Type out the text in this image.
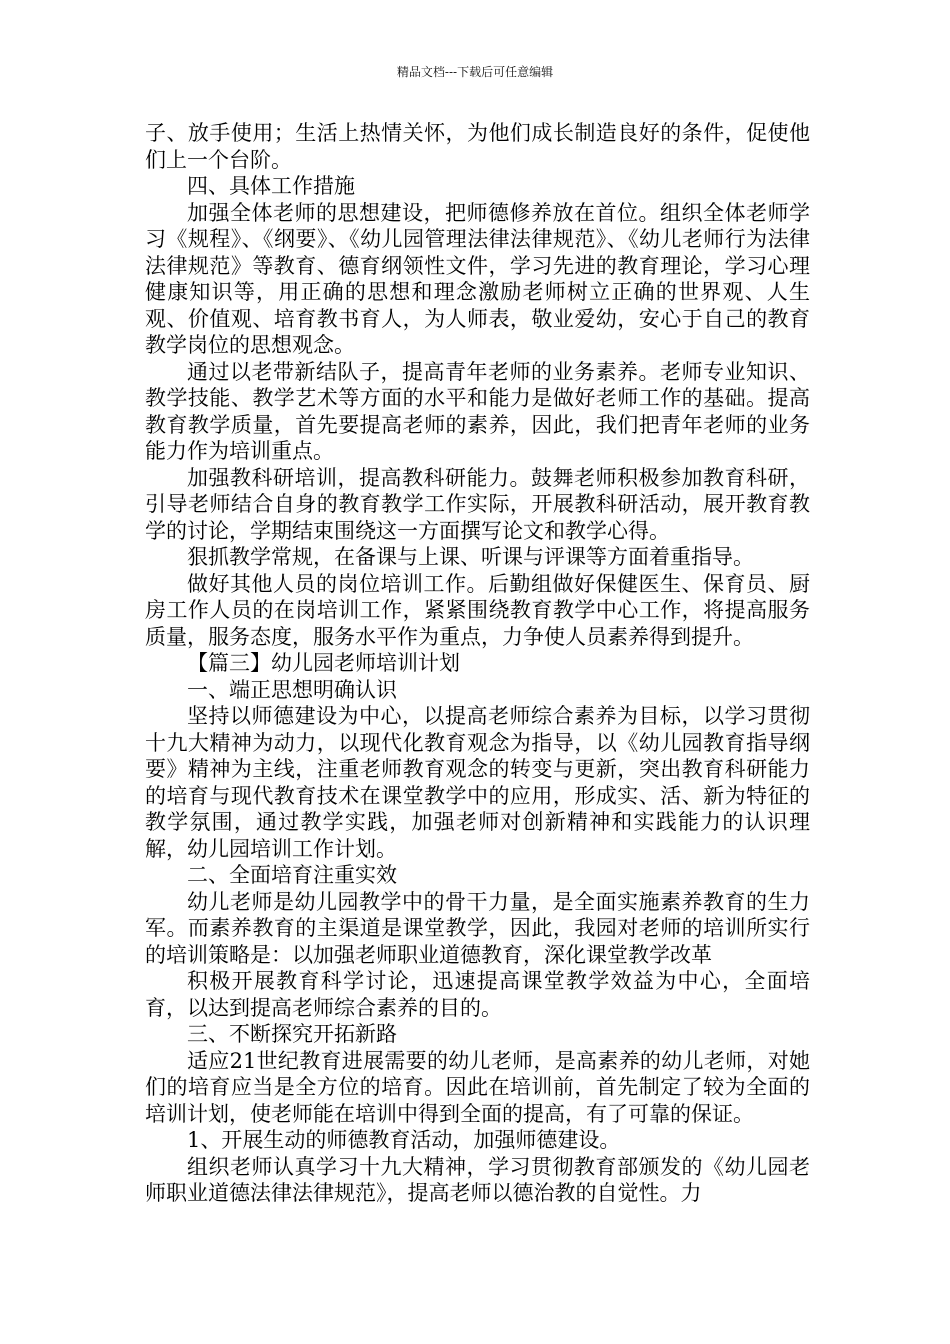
精品文档---下载后可任意编辑

子、放手使用；生活上热情关怀，为他们成长制造良好的条件，促使他们上一个台阶。

四、具体工作措施

加强全体老师的思想建设，把师德修养放在首位。组织全体老师学习《规程》、《纲要》、《幼儿园管理法律法律规范》、《幼儿老师行为法律法律规范》等教育、德育纲领性文件，学习先进的教育理论，学习心理健康知识等，用正确的思想和理念激励老师树立正确的世界观、人生观、价值观、培育教书育人，为人师表，敬业爱幼，安心于自己的教育教学岗位的思想观念。

通过以老带新结队子，提高青年老师的业务素养。老师专业知识、教学技能、教学艺术等方面的水平和能力是做好老师工作的基础。提高教育教学质量，首先要提高老师的素养，因此，我们把青年老师的业务能力作为培训重点。

加强教科研培训，提高教科研能力。鼓舞老师积极参加教育科研，引导老师结合自身的教育教学工作实际，开展教科研活动，展开教育教学的讨论，学期结束围绕这一方面撰写论文和教学心得。

狠抓教学常规，在备课与上课、听课与评课等方面着重指导。

做好其他人员的岗位培训工作。后勤组做好保健医生、保育员、厨房工作人员的在岗培训工作，紧紧围绕教育教学中心工作，将提高服务质量，服务态度，服务水平作为重点，力争使人员素养得到提升。

【篇三】幼儿园老师培训计划

一、端正思想明确认识

坚持以师德建设为中心，以提高老师综合素养为目标，以学习贯彻十九大精神为动力，以现代化教育观念为指导，以《幼儿园教育指导纲要》精神为主线，注重老师教育观念的转变与更新，突出教育科研能力的培育与现代教育技术在课堂教学中的应用，形成实、活、新为特征的教学氛围，通过教学实践，加强老师对创新精神和实践能力的认识理解，幼儿园培训工作计划。

二、全面培育注重实效

幼儿老师是幼儿园教学中的骨干力量，是全面实施素养教育的生力军。而素养教育的主渠道是课堂教学，因此，我园对老师的培训所实行的培训策略是：以加强老师职业道德教育，深化课堂教学改革

积极开展教育科学讨论，迅速提高课堂教学效益为中心，全面培育，以达到提高老师综合素养的目的。

三、不断探究开拓新路

适应21世纪教育进展需要的幼儿老师，是高素养的幼儿老师，对她们的培育应当是全方位的培育。因此在培训前，首先制定了较为全面的培训计划，使老师能在培训中得到全面的提高，有了可靠的保证。

1、开展生动的师德教育活动，加强师德建设。

组织老师认真学习十九大精神，学习贯彻教育部颁发的《幼儿园老师职业道德法律法律规范》，提高老师以德治教的自觉性。力
